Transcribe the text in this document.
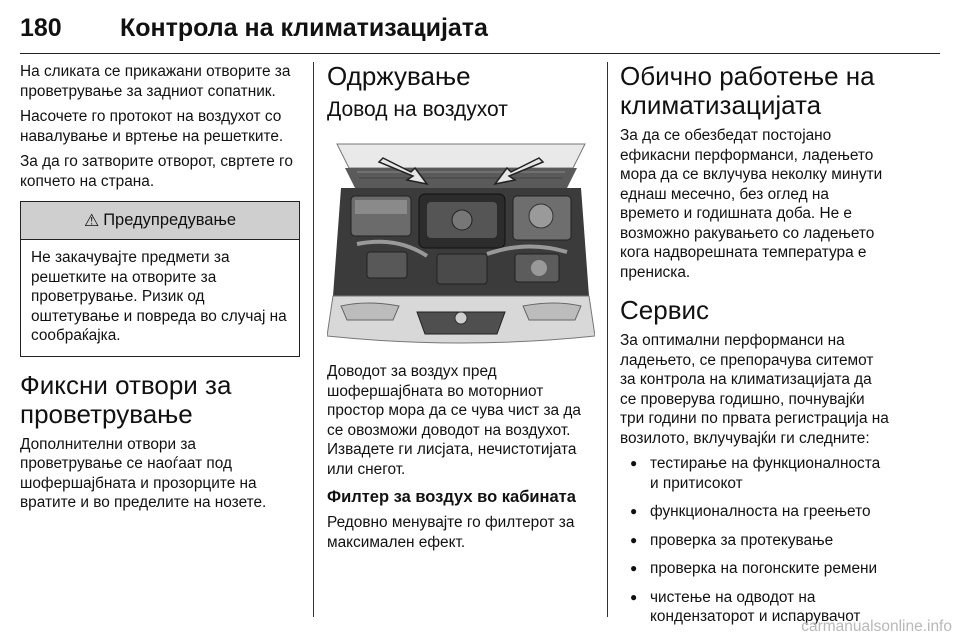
180 Контрола на климатизацијата

На сликата се прикажани отворите за проветрување за задниот сопатник.

Насочете го протокот на воздухот со навалување и вртење на решетките.

За да го затворите отворот, свртете го копчето на страна.

⚠ Предупредување
Не закачувајте предмети за решетките на отворите за проветрување. Ризик од оштетување и повреда во случај на сообраќајка.
Фиксни отвори за проветрување

Дополнителни отвори за проветрување се наоѓаат под шофершајбната и прозорците на вратите и во пределите на нозете.

Одржување
Довод на воздухот

Доводот за воздух пред шофершајбната во моторниот простор мора да се чува чист за да се овозможи доводот на воздухот. Извадете ги лисјата, нечистотијата или снегот.

Филтер за воздух во кабината

Редовно менувајте го филтерот за максимален ефект.

Обично работење на климатизацијата

За да се обезбедат постојано ефикасни перформанси, ладењето мора да се вклучува неколку минути еднаш месечно, без оглед на времето и годишната доба. Не е возможно ракувањето со ладењето кога надворешната температура е прениска.

Сервис

За оптимални перформанси на ладењето, се препорачува ситемот за контрола на климатизацијата да се проверува годишно, почнувајќи три години по првата регистрација на возилото, вклучувајќи ги следните:

● тестирање на функционалноста и притисокот
● функционалноста на греењето
● проверка за протекување
● проверка на погонските ремени
● чистење на одводот на кондензаторот и испарувачот
carmanualsonline.info
